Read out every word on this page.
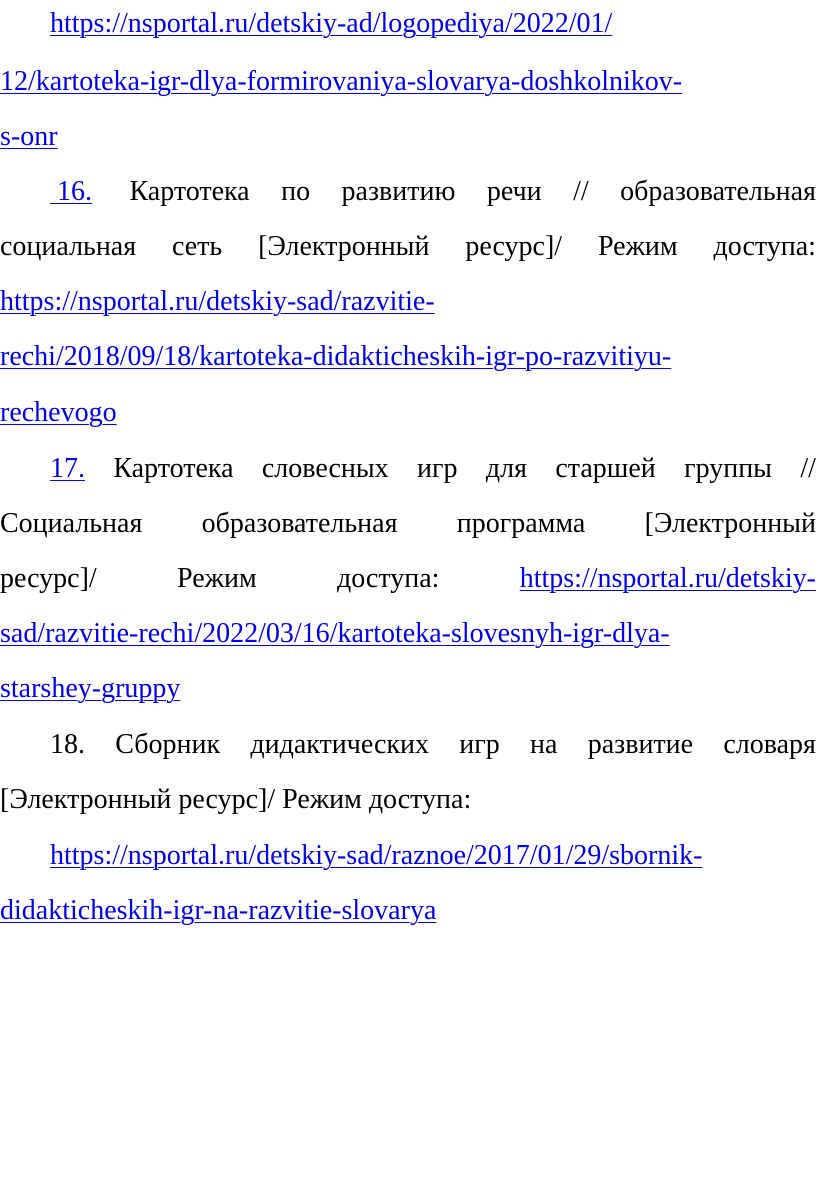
https://nsportal.ru/detskiy-ad/logopediya/2022/01/
12/kartoteka-igr-dlya-formirovaniya-slovarya-doshkolnikov-
s-onr
16. Картотека по развитию речи // образовательная
социальная сеть [Электронный ресурс]/ Режим доступа:
https://nsportal.ru/detskiy-sad/razvitie-
rechi/2018/09/18/kartoteka-didakticheskih-igr-po-razvitiyu-
rechevogo
17. Картотека словесных игр для старшей группы //
Социальная образовательная программа [Электронный
ресурс]/	Режим	доступа:	https://nsportal.ru/detskiy-
sad/razvitie-rechi/2022/03/16/kartoteka-slovesnyh-igr-dlya-
starshey-gruppy
18. Сборник дидактических игр на развитие словаря
[Электронный ресурс]/ Режим доступа:
https://nsportal.ru/detskiy-sad/raznoe/2017/01/29/sbornik-
didakticheskih-igr-na-razvitie-slovarya
